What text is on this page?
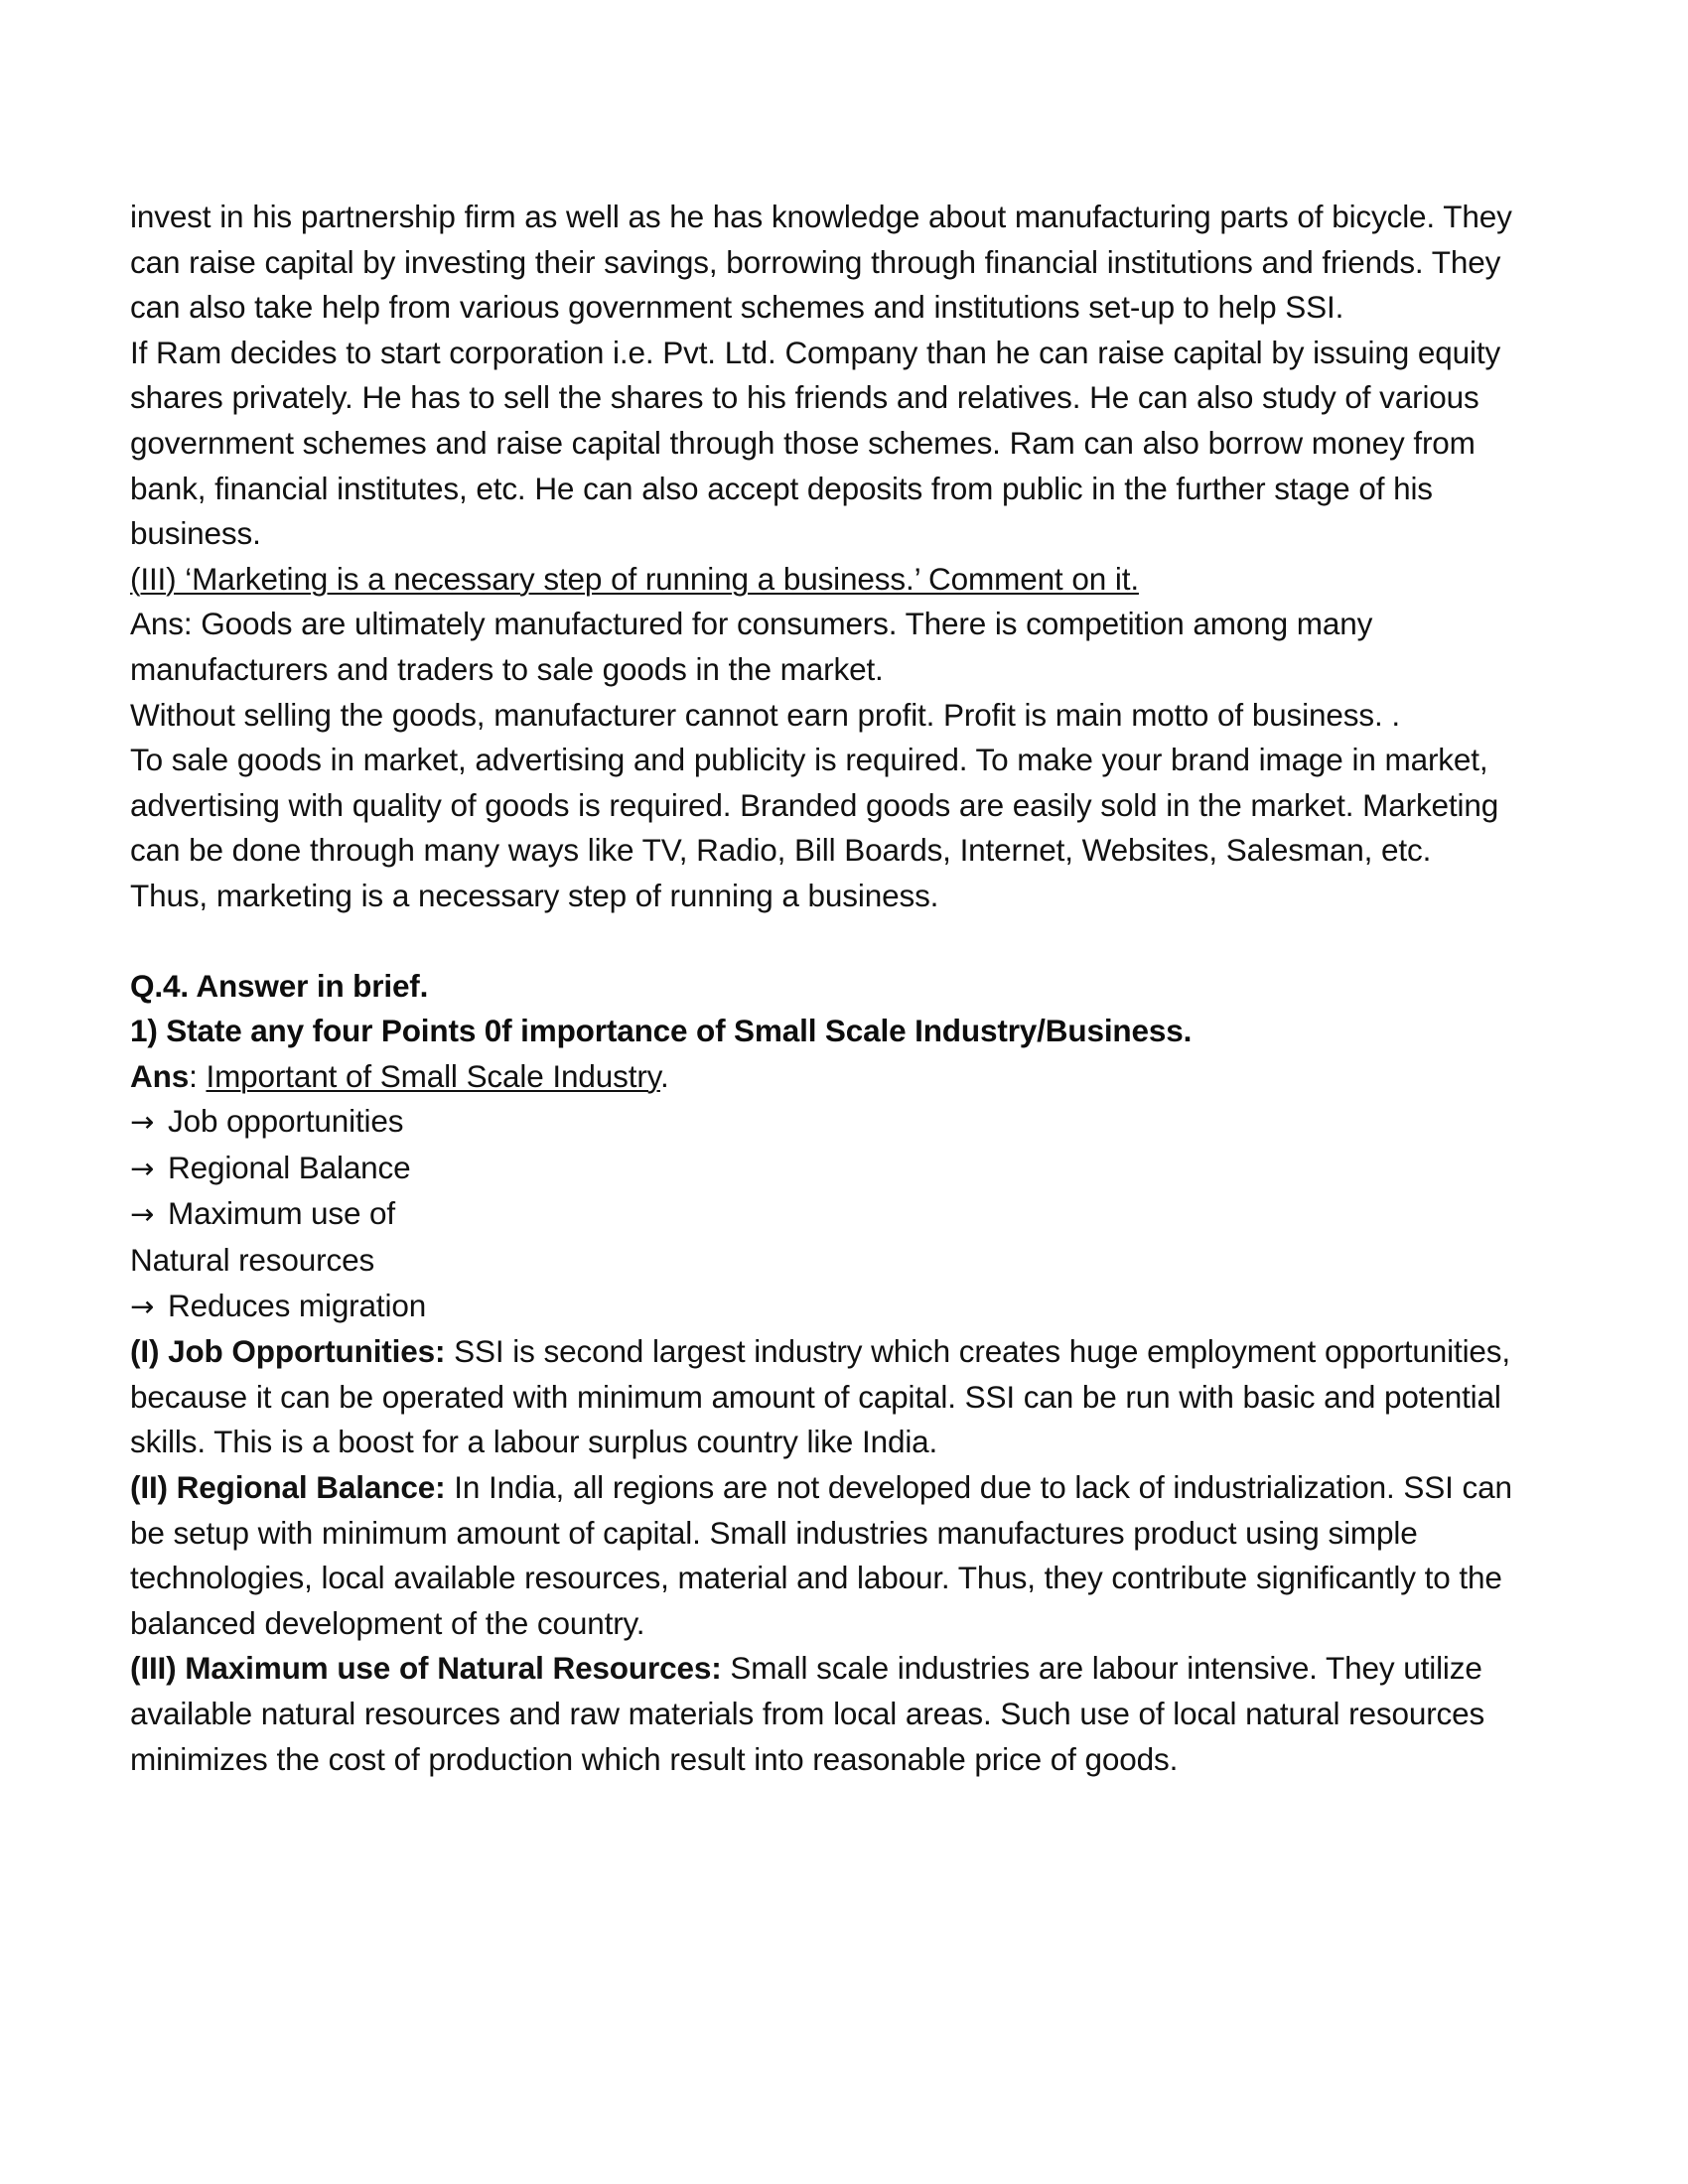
invest in his partnership firm as well as he has knowledge about manufacturing parts of bicycle. They can raise capital by investing their savings, borrowing through financial institutions and friends. They can also take help from various government schemes and institutions set-up to help SSI.

If Ram decides to start corporation i.e. Pvt. Ltd. Company than he can raise capital by issuing equity shares privately. He has to sell the shares to his friends and relatives. He can also study of various government schemes and raise capital through those schemes. Ram can also borrow money from bank, financial institutes, etc. He can also accept deposits from public in the further stage of his business.

(III) ‘Marketing is a necessary step of running a business.’ Comment on it.

Ans: Goods are ultimately manufactured for consumers. There is competition among many manufacturers and traders to sale goods in the market.

Without selling the goods, manufacturer cannot earn profit. Profit is main motto of business. .

To sale goods in market, advertising and publicity is required. To make your brand image in market, advertising with quality of goods is required. Branded goods are easily sold in the market. Marketing can be done through many ways like TV, Radio, Bill Boards, Internet, Websites, Salesman, etc.

Thus, marketing is a necessary step of running a business.

Q.4. Answer in brief.

1) State any four Points 0f importance of Small Scale Industry/Business.

Ans: Important of Small Scale Industry.

→ Job opportunities

→ Regional Balance

→ Maximum use of

Natural resources

→ Reduces migration

(I) Job Opportunities: SSI is second largest industry which creates huge employment opportunities, because it can be operated with minimum amount of capital. SSI can be run with basic and potential skills. This is a boost for a labour surplus country like India.

(II) Regional Balance: In India, all regions are not developed due to lack of industrialization. SSI can be setup with minimum amount of capital. Small industries manufactures product using simple technologies, local available resources, material and labour. Thus, they contribute significantly to the balanced development of the country.

(III) Maximum use of Natural Resources: Small scale industries are labour intensive. They utilize available natural resources and raw materials from local areas. Such use of local natural resources minimizes the cost of production which result into reasonable price of goods.
